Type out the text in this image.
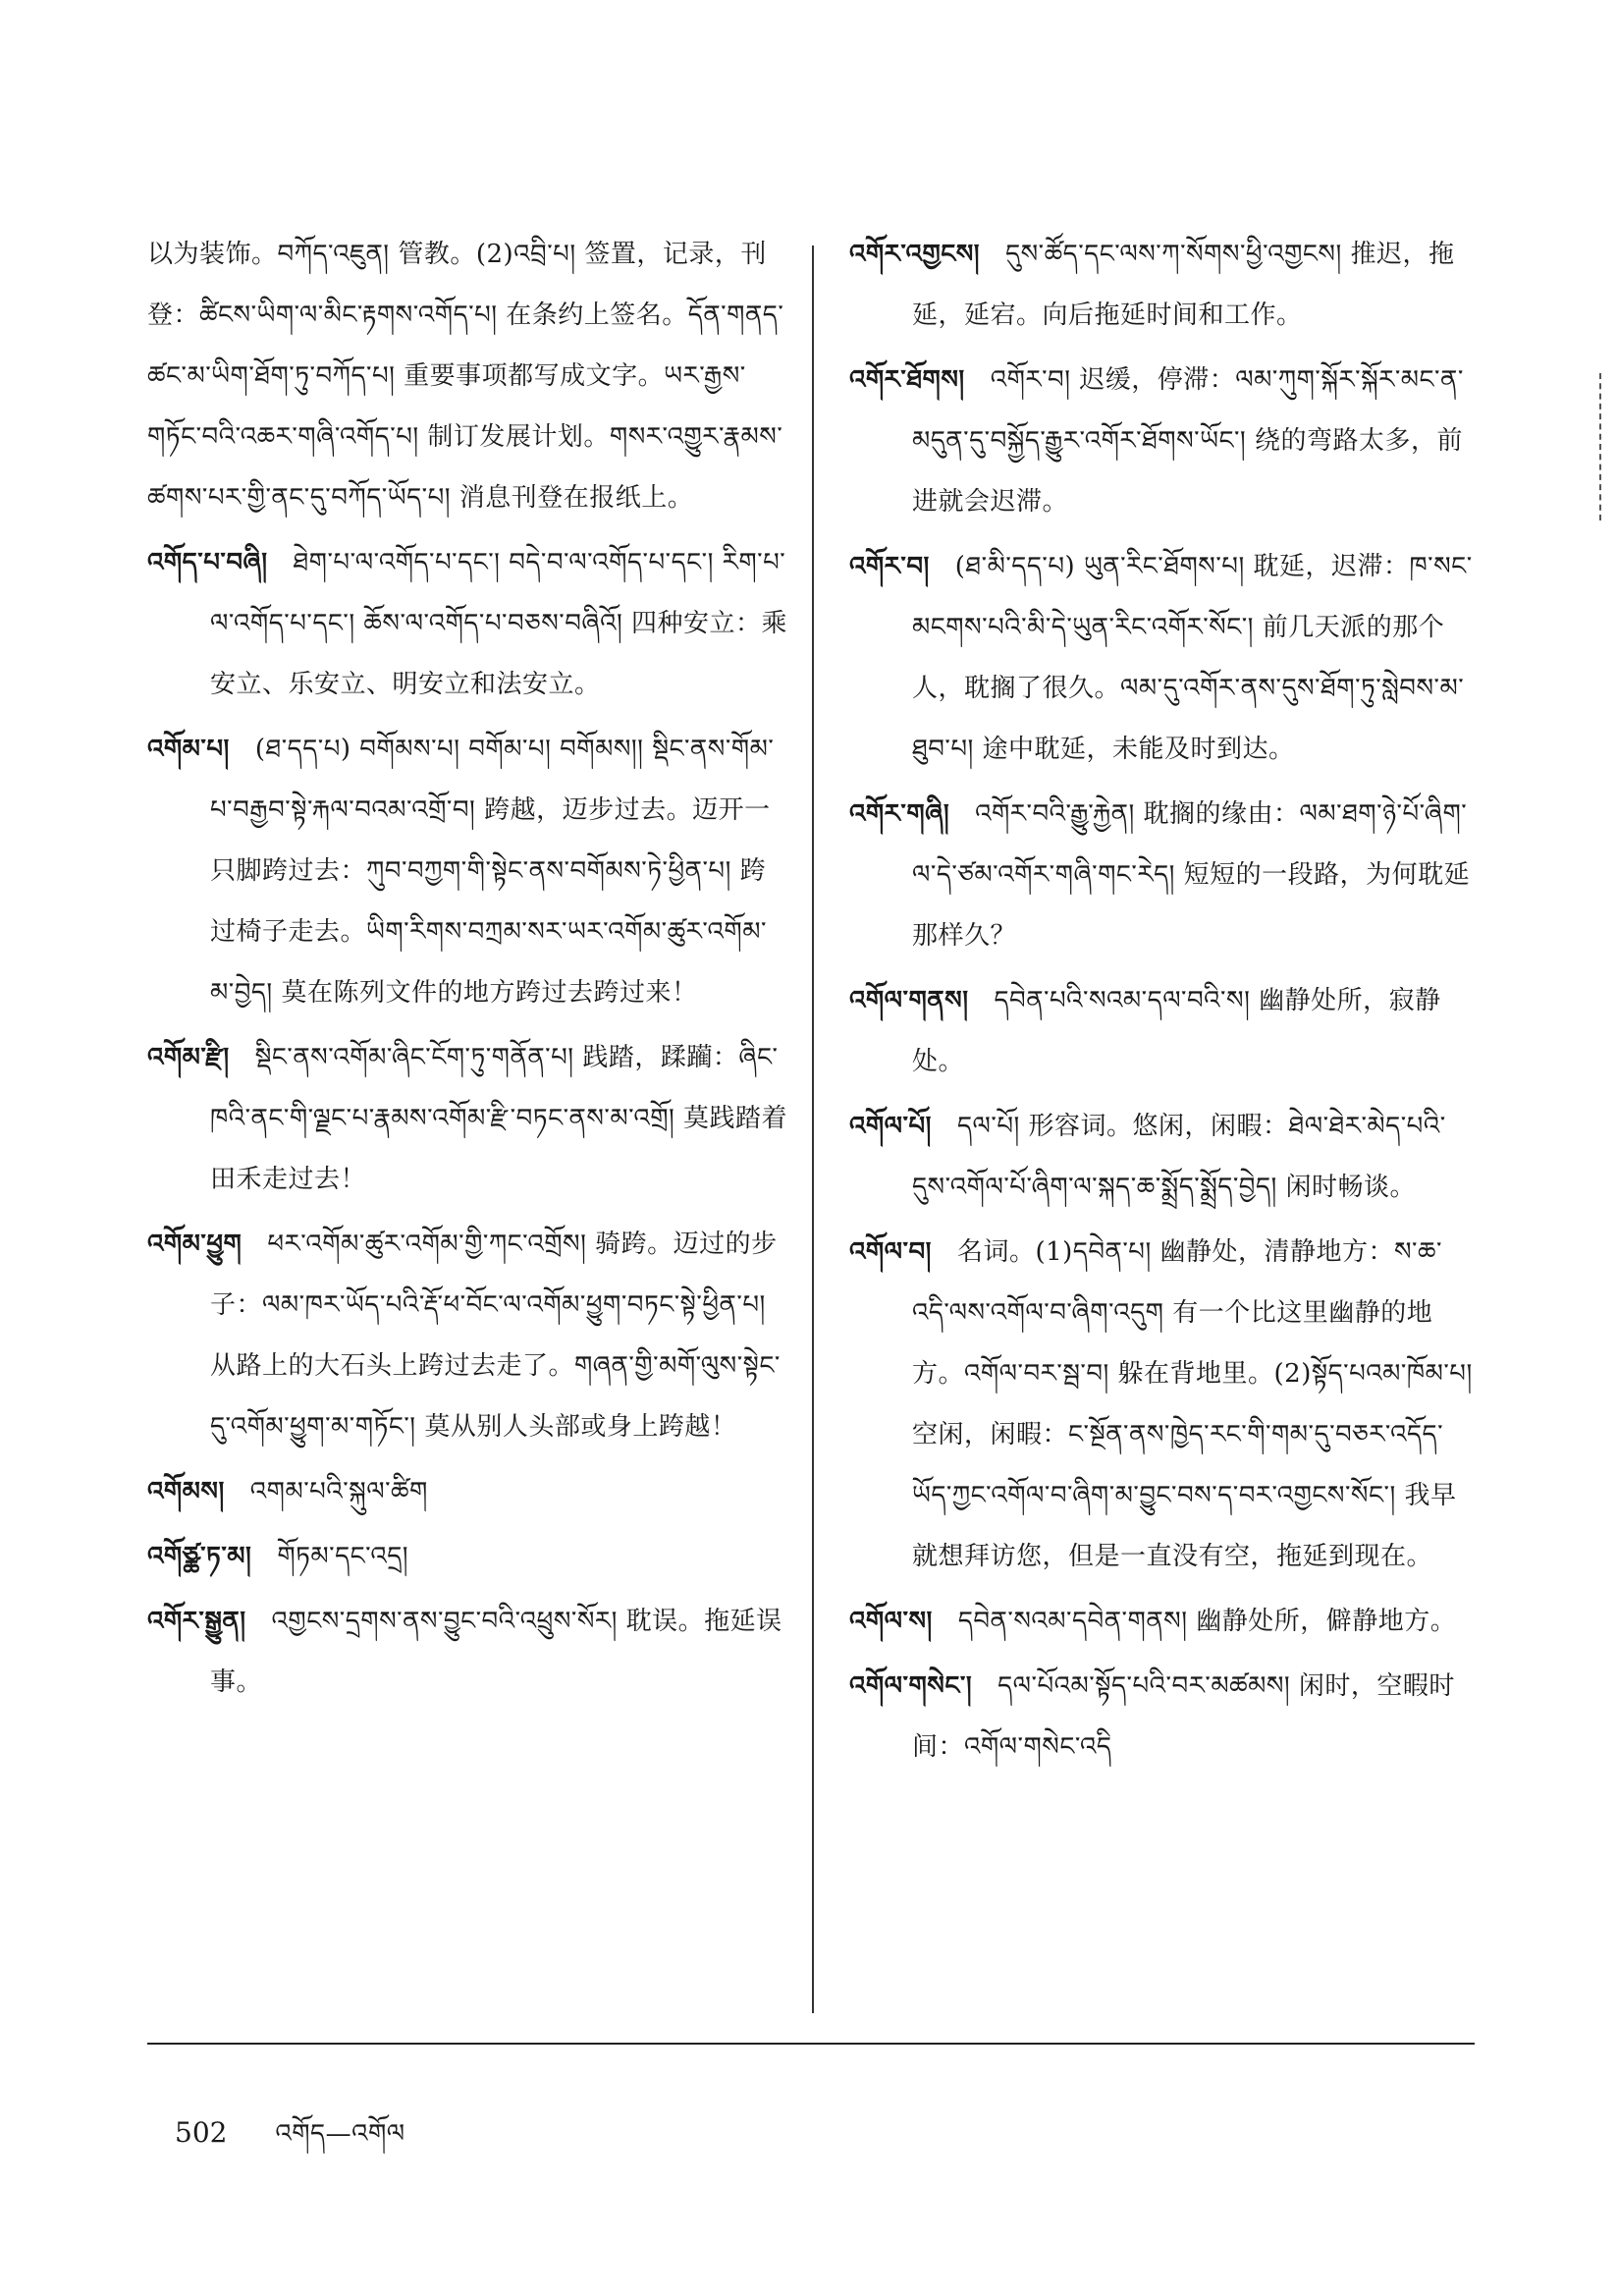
以为装饰。བཀོད་འཇུན། 管教。(2)འབྲི་པ། 签置，记录，刊登：ཚིངས་ཡིག་ལ་མིང་རྟགས་འགོད་པ། 在条约上签名。དོན་གནད་ཚང་མ་ཡིག་ཐོག་ཏུ་བཀོད་པ། 重要事项都写成文字。ཡར་རྒྱས་གཏོང་བའི་འཆར་གཞི་འགོད་པ། 制订发展计划。གསར་འགྱུར་རྣམས་ཚགས་པར་གྱི་ནང་དུ་བཀོད་ཡོད་པ། 消息刊登在报纸上。

འགོད་པ་བཞི། ཐེག་པ་ལ་འགོད་པ་དང་། བདེ་བ་ལ་འགོད་པ་དང་། རིག་པ་ལ་འགོད་པ་དང་། ཆོས་ལ་འགོད་པ་བཅས་བཞིའོ། 四种安立：乘安立、乐安立、明安立和法安立。

འགོམ་པ། (ཐ་དད་པ) བགོམས་པ། བགོམ་པ། བགོམས།། སྡིང་ནས་གོམ་པ་བརྒྱབ་སྟེ་རྐལ་བའམ་འགྲོ་བ། 跨越，迈步过去。迈开一只脚跨过去：ཀུབ་བཀྱག་གི་སྟེང་ནས་བགོམས་ཏེ་ཕྱིན་པ། 跨过椅子走去。ཡིག་རིགས་བཀྲམ་སར་ཡར་འགོམ་ཚུར་འགོམ་མ་བྱེད། 莫在陈列文件的地方跨过去跨过来！

འགོམ་རྫི། སྡིང་ནས་འགོམ་ཞིང་ངོག་ཏུ་གནོན་པ། 践踏，蹂躏：ཞིང་ཁའི་ནང་གི་ལྗང་པ་རྣམས་འགོམ་རྫི་བཏང་ནས་མ་འགྲོ། 莫践踏着田禾走过去！

འགོམ་ཕྱུག ཕར་འགོམ་ཚུར་འགོམ་གྱི་ཀང་འགྲོས། 骑跨。迈过的步子：ལམ་ཁར་ཡོད་པའི་རྡོ་ཕ་བོང་ལ་འགོམ་ཕྱུག་བཏང་སྟེ་ཕྱིན་པ། 从路上的大石头上跨过去走了。གཞན་གྱི་མགོ་ལུས་སྟེང་དུ་འགོམ་ཕྱུག་མ་གཏོང་། 莫从别人头部或身上跨越！

འགོམས། འགམ་པའི་སྐུལ་ཚིག

འགོཙྪ་ཏ་མ། གོཏམ་དང་འདྲ།

འགོར་སྒྱུན། འགྱངས་དྲགས་ནས་བྱུང་བའི་འཕྲུས་སོར། 耽误。拖延误事。

འགོར་འགྱངས། དུས་ཚོད་དང་ལས་ཀ་སོགས་ཕྱི་འགྱངས། 推迟，拖延，延宕。向后拖延时间和工作。

འགོར་ཐོགས། འགོར་བ། 迟缓，停滞：ལམ་ཀུག་སྐོར་སྐོར་མང་ན་མདུན་དུ་བསྐྱོད་རྒྱུར་འགོར་ཐོགས་ཡོང་། 绕的弯路太多，前进就会迟滞。

འགོར་བ། (ཐ་མི་དད་པ) ཡུན་རིང་ཐོགས་པ། 耽延，迟滞：ཁ་སང་མངགས་པའི་མི་དེ་ཡུན་རིང་འགོར་སོང་། 前几天派的那个人，耽搁了很久。ལམ་དུ་འགོར་ནས་དུས་ཐོག་ཏུ་སླེབས་མ་ཐུབ་པ། 途中耽延，未能及时到达。

འགོར་གཞི། འགོར་བའི་རྒྱུ་རྐྱེན། 耽搁的缘由：ལམ་ཐག་ཉེ་པོ་ཞིག་ལ་དེ་ཙམ་འགོར་གཞི་གང་རེད། 短短的一段路，为何耽延那样久？

འགོལ་གནས། དབེན་པའི་སའམ་དལ་བའི་ས། 幽静处所，寂静处。

འགོལ་པོ། དལ་པོ། 形容词。悠闲，闲暇：ཐེལ་ཐེར་མེད་པའི་དུས་འགོལ་པོ་ཞིག་ལ་སྐད་ཆ་སྨྲོད་སྨྲོད་བྱེད། 闲时畅谈。

འགོལ་བ། 名词。(1)དབེན་པ། 幽静处，清静地方：ས་ཆ་འདི་ལས་འགོལ་བ་ཞིག་འདུག 有一个比这里幽静的地方。འགོལ་བར་སྦ་བ། 躲在背地里。(2)སྟོད་པའམ་ཁོམ་པ། 空闲，闲暇：ང་སྔོན་ནས་ཁྱེད་རང་གི་གམ་དུ་བཅར་འདོད་ཡོད་ཀྱང་འགོལ་བ་ཞིག་མ་བྱུང་བས་ད་བར་འགྱངས་སོང་། 我早就想拜访您，但是一直没有空，拖延到现在。

འགོལ་ས། དབེན་སའམ་དབེན་གནས། 幽静处所，僻静地方。

འགོལ་གསེང་། དལ་པོའམ་སྟོད་པའི་བར་མཚམས། 闲时，空暇时间：འགོལ་གསེང་འདི

502 འགོད—འགོལ
